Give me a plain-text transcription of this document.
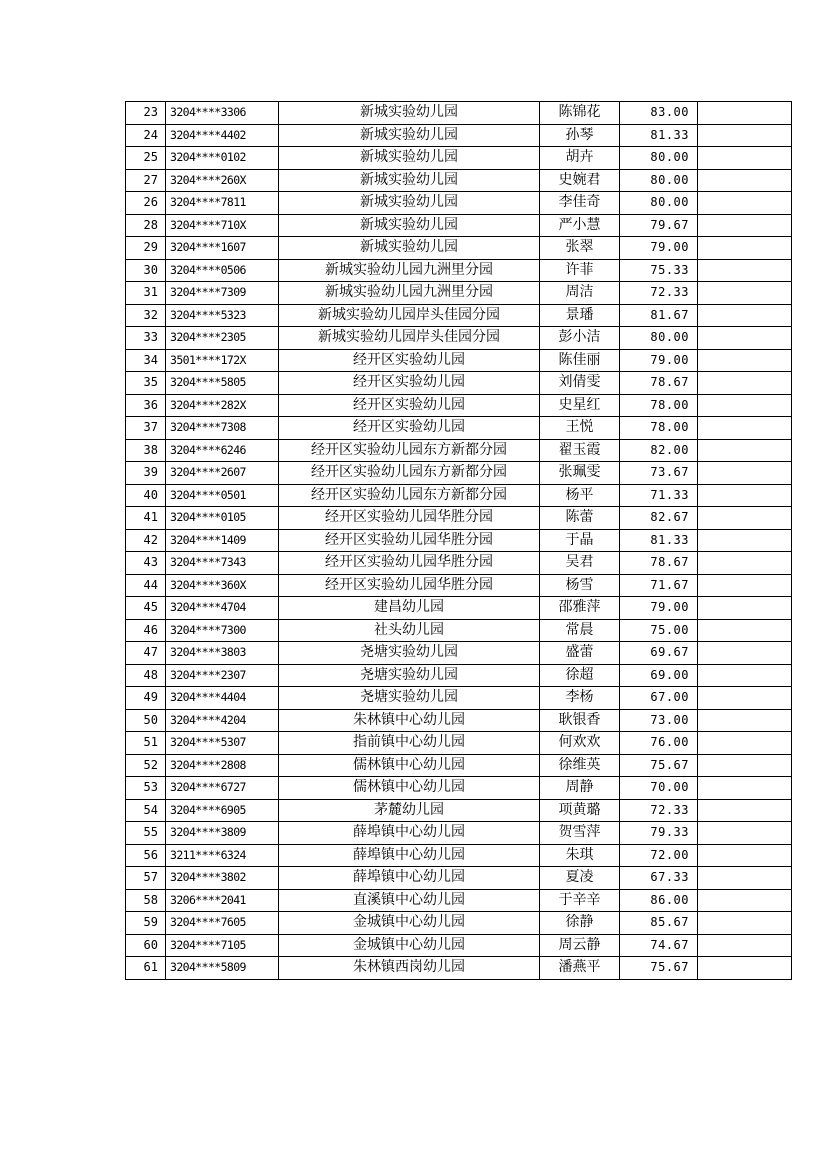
23	3204****3306	新城实验幼儿园	陈锦花	83.00	
24	3204****4402	新城实验幼儿园	孙琴	81.33	
25	3204****0102	新城实验幼儿园	胡卉	80.00	
27	3204****260X	新城实验幼儿园	史婉君	80.00	
26	3204****7811	新城实验幼儿园	李佳奇	80.00	
28	3204****710X	新城实验幼儿园	严小慧	79.67	
29	3204****1607	新城实验幼儿园	张翠	79.00	
30	3204****0506	新城实验幼儿园九洲里分园	许菲	75.33	
31	3204****7309	新城实验幼儿园九洲里分园	周洁	72.33	
32	3204****5323	新城实验幼儿园岸头佳园分园	景璠	81.67	
33	3204****2305	新城实验幼儿园岸头佳园分园	彭小洁	80.00	
34	3501****172X	经开区实验幼儿园	陈佳丽	79.00	
35	3204****5805	经开区实验幼儿园	刘倩雯	78.67	
36	3204****282X	经开区实验幼儿园	史星红	78.00	
37	3204****7308	经开区实验幼儿园	王悦	78.00	
38	3204****6246	经开区实验幼儿园东方新都分园	翟玉霞	82.00	
39	3204****2607	经开区实验幼儿园东方新都分园	张珮雯	73.67	
40	3204****0501	经开区实验幼儿园东方新都分园	杨平	71.33	
41	3204****0105	经开区实验幼儿园华胜分园	陈蕾	82.67	
42	3204****1409	经开区实验幼儿园华胜分园	于晶	81.33	
43	3204****7343	经开区实验幼儿园华胜分园	吴君	78.67	
44	3204****360X	经开区实验幼儿园华胜分园	杨雪	71.67	
45	3204****4704	建昌幼儿园	邵雅萍	79.00	
46	3204****7300	社头幼儿园	常晨	75.00	
47	3204****3803	尧塘实验幼儿园	盛蕾	69.67	
48	3204****2307	尧塘实验幼儿园	徐超	69.00	
49	3204****4404	尧塘实验幼儿园	李杨	67.00	
50	3204****4204	朱林镇中心幼儿园	耿银香	73.00	
51	3204****5307	指前镇中心幼儿园	何欢欢	76.00	
52	3204****2808	儒林镇中心幼儿园	徐维英	75.67	
53	3204****6727	儒林镇中心幼儿园	周静	70.00	
54	3204****6905	茅麓幼儿园	项黄璐	72.33	
55	3204****3809	薛埠镇中心幼儿园	贺雪萍	79.33	
56	3211****6324	薛埠镇中心幼儿园	朱琪	72.00	
57	3204****3802	薛埠镇中心幼儿园	夏凌	67.33	
58	3206****2041	直溪镇中心幼儿园	于辛辛	86.00	
59	3204****7605	金城镇中心幼儿园	徐静	85.67	
60	3204****7105	金城镇中心幼儿园	周云静	74.67	
61	3204****5809	朱林镇西岗幼儿园	潘燕平	75.67	
